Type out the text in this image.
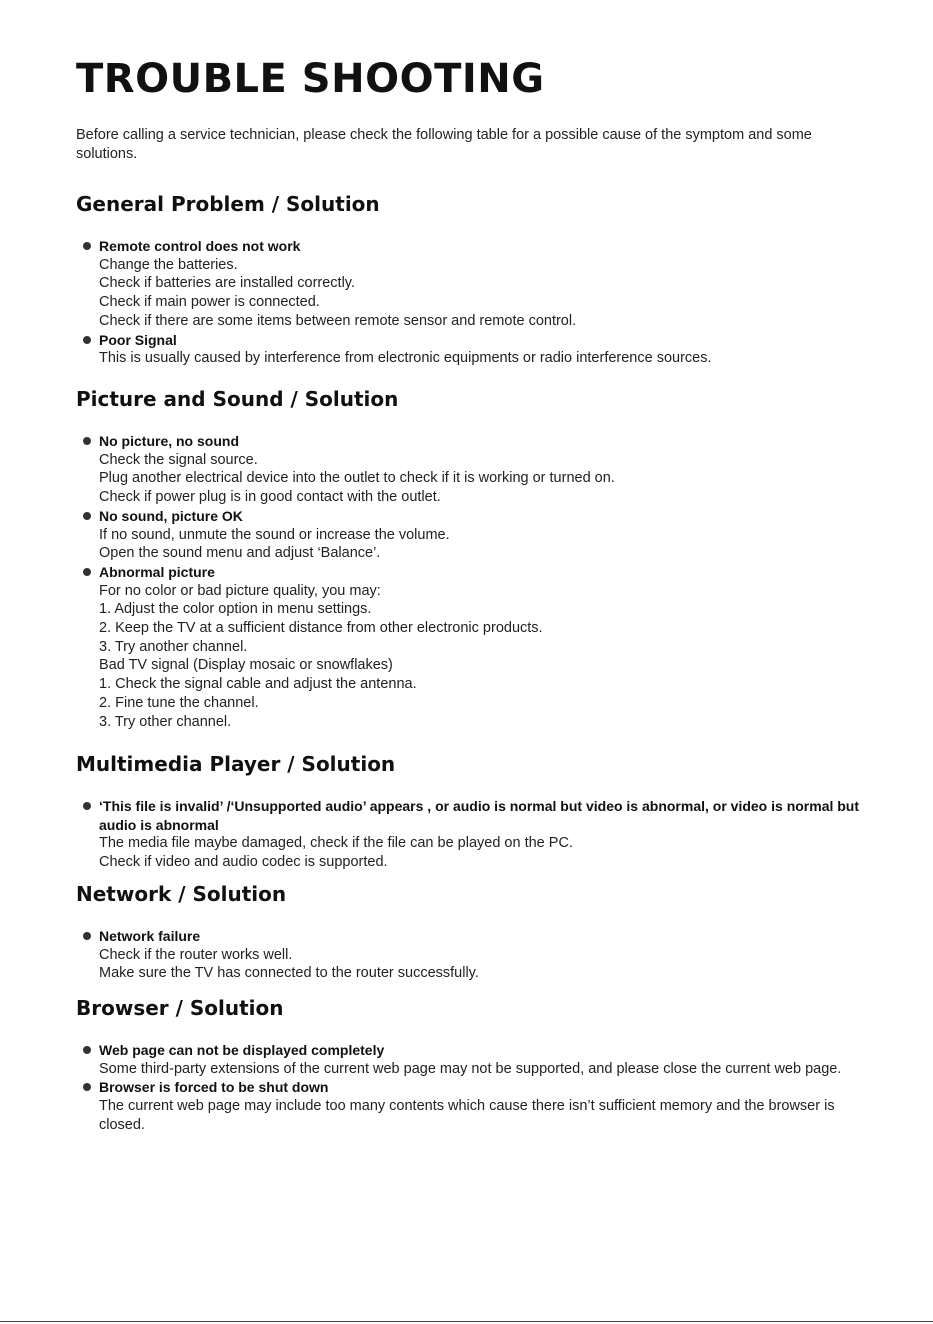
TROUBLE SHOOTING

Before calling a service technician, please check the following table for a possible cause of the symptom and some solutions.

General Problem / Solution

Remote control does not work

Change the batteries.

Check if batteries are installed correctly.

Check if main power is connected.

Check if there are some items between remote sensor and remote control.

Poor Signal

This is usually caused by interference from electronic equipments or radio interference sources.

Picture and Sound / Solution

No picture, no sound

Check the signal source.

Plug another electrical device into the outlet to check if it is working or turned on.

Check if power plug is in good contact with the outlet.

No sound, picture OK

If no sound, unmute the sound or increase the volume.

Open the sound menu and adjust ‘Balance’.

Abnormal picture

For no color or bad picture quality, you may:

1. Adjust the color option in menu settings.

2. Keep the TV at a sufficient distance from other electronic products.

3. Try another channel.

Bad TV signal (Display mosaic or snowflakes)

1. Check the signal cable and adjust the antenna.

2. Fine tune the channel.

3. Try other channel.

Multimedia Player / Solution

‘This file is invalid’ /‘Unsupported audio’ appears , or audio is normal but video is abnormal, or video is normal but audio is abnormal

The media file maybe damaged, check if the file can be played on the PC.

Check if video and audio codec is supported.

Network / Solution

Network failure

Check if the router works well.

Make sure the TV has connected to the router successfully.

Browser / Solution

Web page can not be displayed completely

Some third-party extensions of the current web page may not be supported, and please close the current web page.

Browser is forced to be shut down

The current web page may include too many contents which cause there isn’t sufficient memory and the browser is closed.
